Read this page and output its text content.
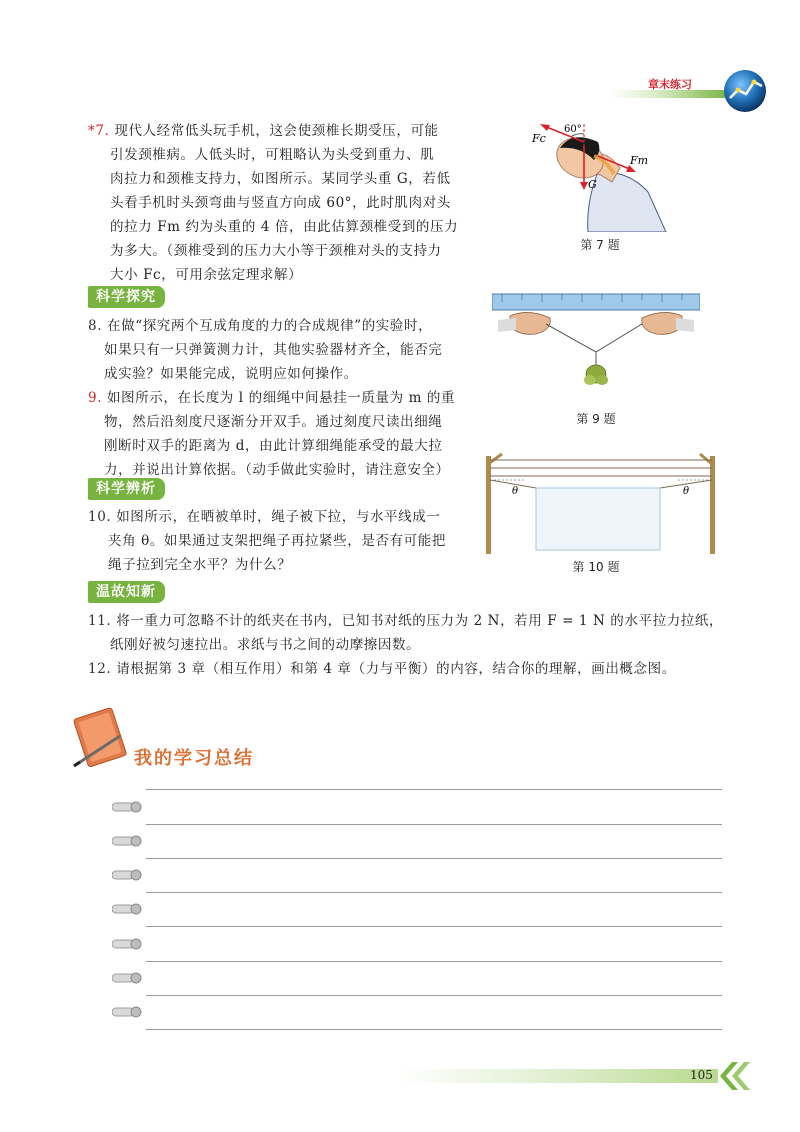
章末练习
*7. 现代人经常低头玩手机，这会使颈椎长期受压，可能
引发颈椎病。人低头时，可粗略认为头受到重力、肌
肉拉力和颈椎支持力，如图所示。某同学头重 G，若低
头看手机时头颈弯曲与竖直方向成 60°，此时肌肉对头
的拉力 Fm 约为头重的 4 倍，由此估算颈椎受到的压力
为多大。（颈椎受到的压力大小等于颈椎对头的支持力
大小 Fc，可用余弦定理求解）
Fc
60°
G
Fm
第 7 题
科学探究
8. 在做“探究两个互成角度的力的合成规律”的实验时，
如果只有一只弹簧测力计，其他实验器材齐全，能否完
成实验？如果能完成，说明应如何操作。
9. 如图所示，在长度为 l 的细绳中间悬挂一质量为 m 的重
物，然后沿刻度尺逐渐分开双手。通过刻度尺读出细绳
刚断时双手的距离为 d，由此计算细绳能承受的最大拉
力，并说出计算依据。（动手做此实验时，请注意安全）
第 9 题
科学辨析
10. 如图所示，在晒被单时，绳子被下拉，与水平线成一
夹角 θ。如果通过支架把绳子再拉紧些，是否有可能把
绳子拉到完全水平？为什么？
θ	θ
第 10 题
温故知新
11. 将一重力可忽略不计的纸夹在书内，已知书对纸的压力为 2 N，若用 F = 1 N 的水平拉力拉纸，
纸刚好被匀速拉出。求纸与书之间的动摩擦因数。
12. 请根据第 3 章（相互作用）和第 4 章（力与平衡）的内容，结合你的理解，画出概念图。
我的学习总结
105
